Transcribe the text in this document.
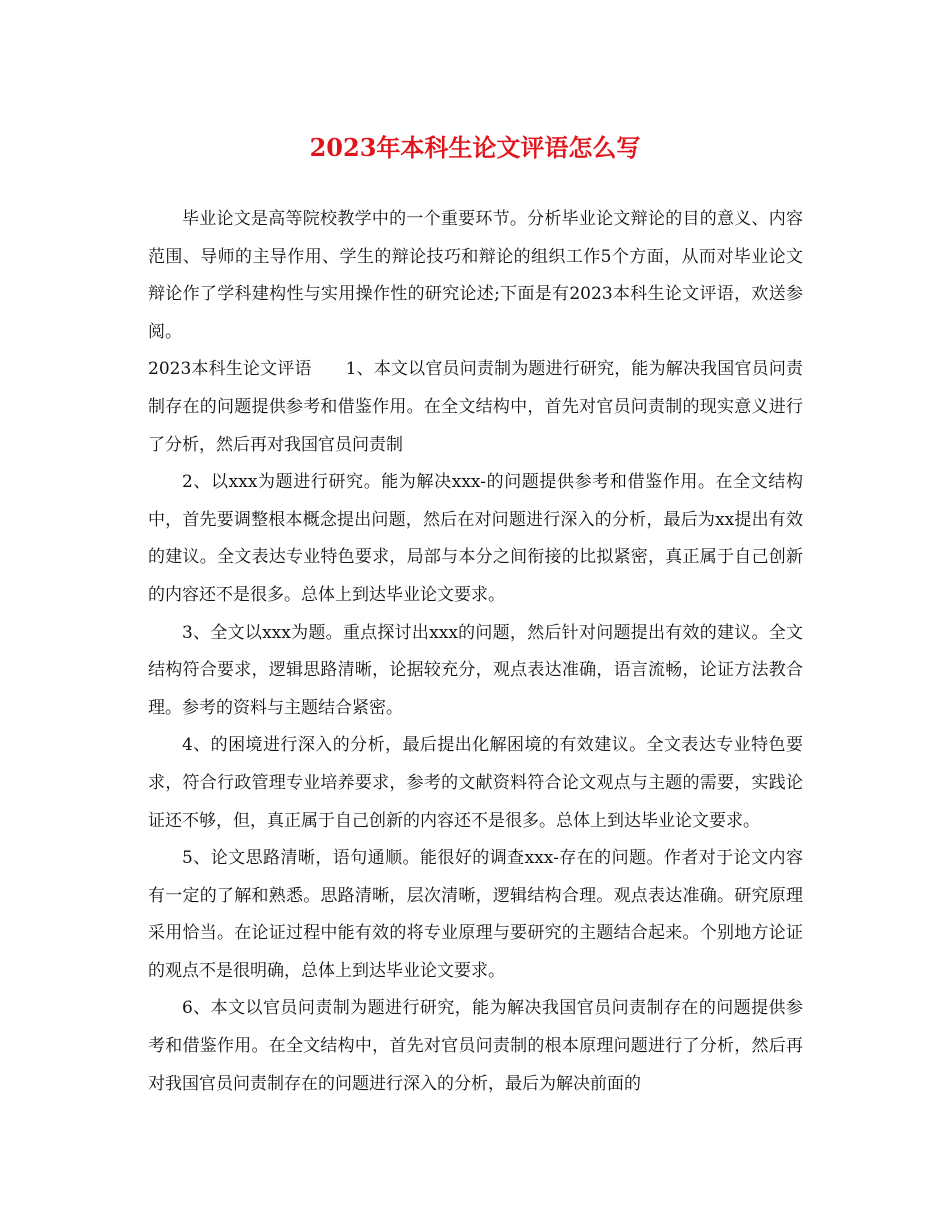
2023年本科生论文评语怎么写

毕业论文是高等院校教学中的一个重要环节。分析毕业论文辩论的目的意义、内容范围、导师的主导作用、学生的辩论技巧和辩论的组织工作5个方面，从而对毕业论文辩论作了学科建构性与实用操作性的研究论述;下面是有2023本科生论文评语，欢送参阅。

2023本科生论文评语 1、本文以官员问责制为题进行研究，能为解决我国官员问责制存在的问题提供参考和借鉴作用。在全文结构中，首先对官员问责制的现实意义进行了分析，然后再对我国官员问责制

2、以xxx为题进行研究。能为解决xxx-的问题提供参考和借鉴作用。在全文结构中，首先要调整根本概念提出问题，然后在对问题进行深入的分析，最后为xx提出有效的建议。全文表达专业特色要求，局部与本分之间衔接的比拟紧密，真正属于自己创新的内容还不是很多。总体上到达毕业论文要求。

3、全文以xxx为题。重点探讨出xxx的问题，然后针对问题提出有效的建议。全文结构符合要求，逻辑思路清晰，论据较充分，观点表达准确，语言流畅，论证方法教合理。参考的资料与主题结合紧密。

4、的困境进行深入的分析，最后提出化解困境的有效建议。全文表达专业特色要求，符合行政管理专业培养要求，参考的文献资料符合论文观点与主题的需要，实践论证还不够，但，真正属于自己创新的内容还不是很多。总体上到达毕业论文要求。

5、论文思路清晰，语句通顺。能很好的调查xxx-存在的问题。作者对于论文内容有一定的了解和熟悉。思路清晰，层次清晰，逻辑结构合理。观点表达准确。研究原理采用恰当。在论证过程中能有效的将专业原理与要研究的主题结合起来。个别地方论证的观点不是很明确，总体上到达毕业论文要求。

6、本文以官员问责制为题进行研究，能为解决我国官员问责制存在的问题提供参考和借鉴作用。在全文结构中，首先对官员问责制的根本原理问题进行了分析，然后再对我国官员问责制存在的问题进行深入的分析，最后为解决前面的
